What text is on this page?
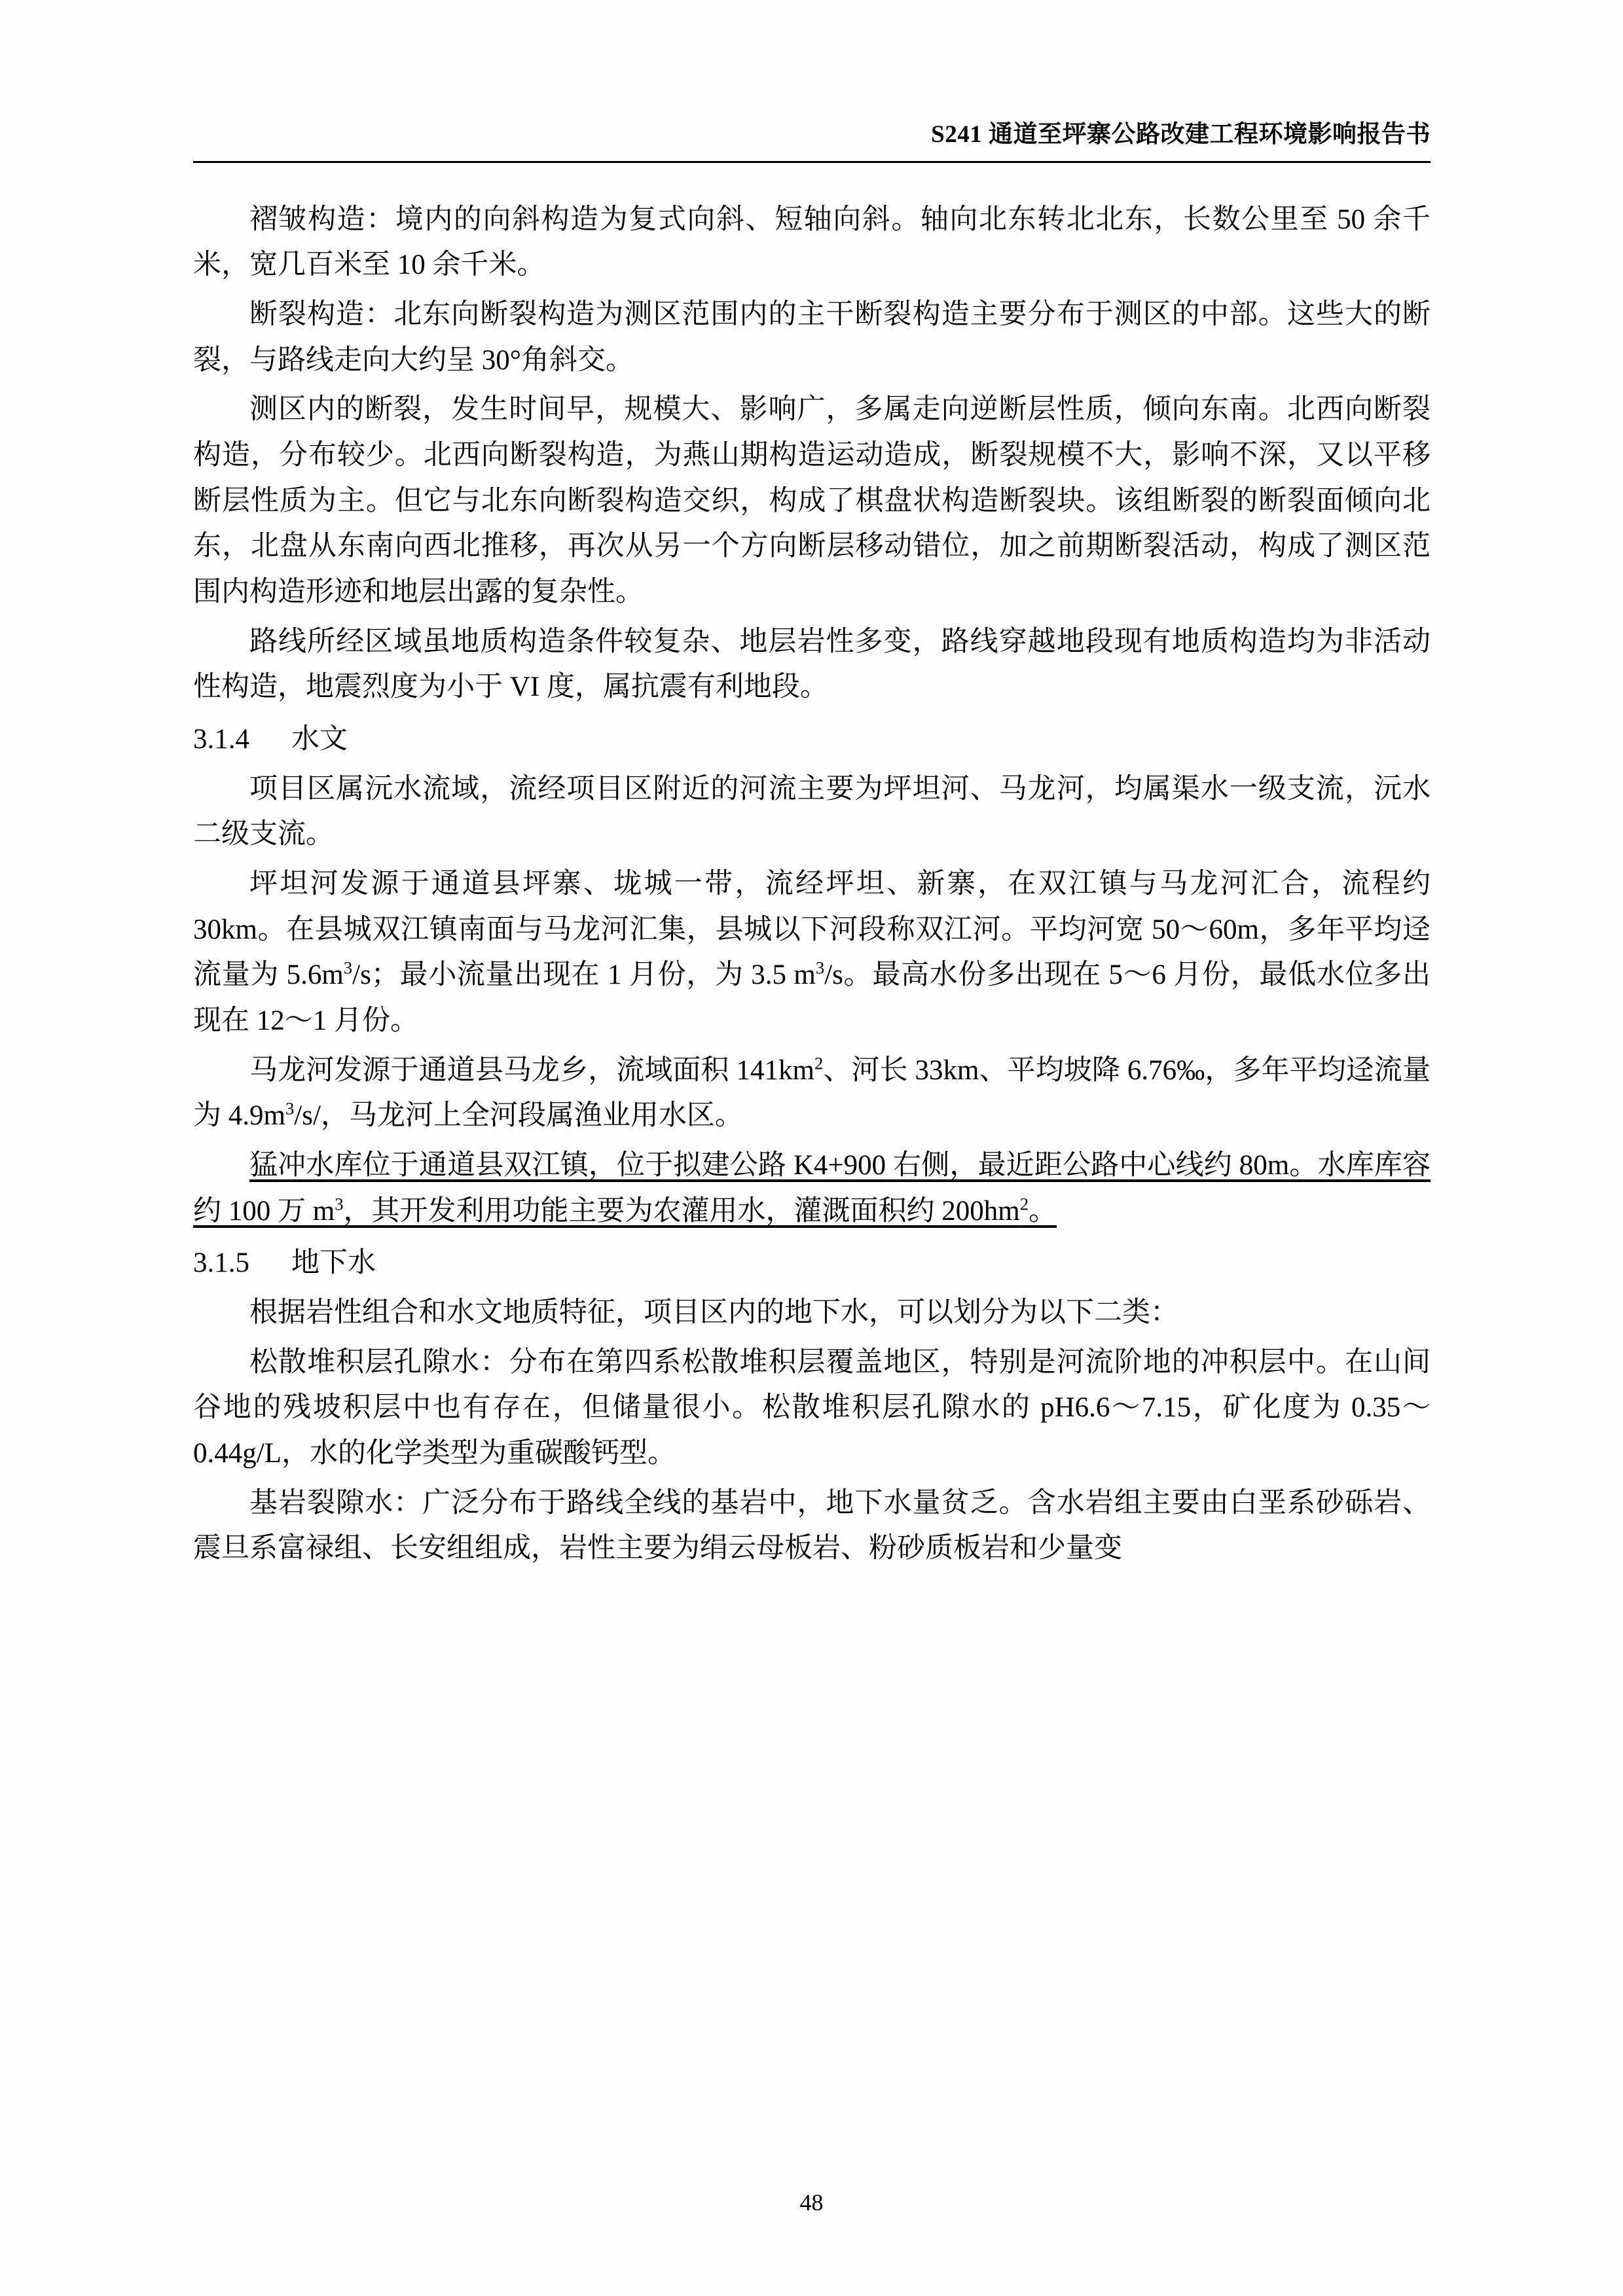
S241 通道至坪寨公路改建工程环境影响报告书

褶皱构造：境内的向斜构造为复式向斜、短轴向斜。轴向北东转北北东，长数公里至 50 余千米，宽几百米至 10 余千米。

断裂构造：北东向断裂构造为测区范围内的主干断裂构造主要分布于测区的中部。这些大的断裂，与路线走向大约呈 30°角斜交。

测区内的断裂，发生时间早，规模大、影响广，多属走向逆断层性质，倾向东南。北西向断裂构造，分布较少。北西向断裂构造，为燕山期构造运动造成，断裂规模不大，影响不深，又以平移断层性质为主。但它与北东向断裂构造交织，构成了棋盘状构造断裂块。该组断裂的断裂面倾向北东，北盘从东南向西北推移，再次从另一个方向断层移动错位，加之前期断裂活动，构成了测区范围内构造形迹和地层出露的复杂性。

路线所经区域虽地质构造条件较复杂、地层岩性多变，路线穿越地段现有地质构造均为非活动性构造，地震烈度为小于 VI 度，属抗震有利地段。

3.1.4 水文

项目区属沅水流域，流经项目区附近的河流主要为坪坦河、马龙河，均属渠水一级支流，沅水二级支流。

坪坦河发源于通道县坪寨、垅城一带，流经坪坦、新寨，在双江镇与马龙河汇合，流程约 30km。在县城双江镇南面与马龙河汇集，县城以下河段称双江河。平均河宽 50～60m，多年平均迳流量为 $5.6m^3/s$；最小流量出现在 1 月份，为 3.5 $m^3/s$。最高水份多出现在 5～6 月份，最低水位多出现在 12～1 月份。

马龙河发源于通道县马龙乡，流域面积 $141km^2$、河长 33km、平均坡降 6.76‰，多年平均迳流量为 $4.9m^3/s/$，马龙河上全河段属渔业用水区。

猛冲水库位于通道县双江镇，位于拟建公路 K4+900 右侧，最近距公路中心线约 80m。水库库容约 100 万 $m^3$，其开发利用功能主要为农灌用水，灌溉面积约 $200hm^2$。

3.1.5 地下水

根据岩性组合和水文地质特征，项目区内的地下水，可以划分为以下二类：

松散堆积层孔隙水：分布在第四系松散堆积层覆盖地区，特别是河流阶地的冲积层中。在山间谷地的残坡积层中也有存在，但储量很小。松散堆积层孔隙水的 pH6.6～7.15，矿化度为 0.35～0.44g/L，水的化学类型为重碳酸钙型。

基岩裂隙水：广泛分布于路线全线的基岩中，地下水量贫乏。含水岩组主要由白垩系砂砾岩、震旦系富禄组、长安组组成，岩性主要为绢云母板岩、粉砂质板岩和少量变

48
